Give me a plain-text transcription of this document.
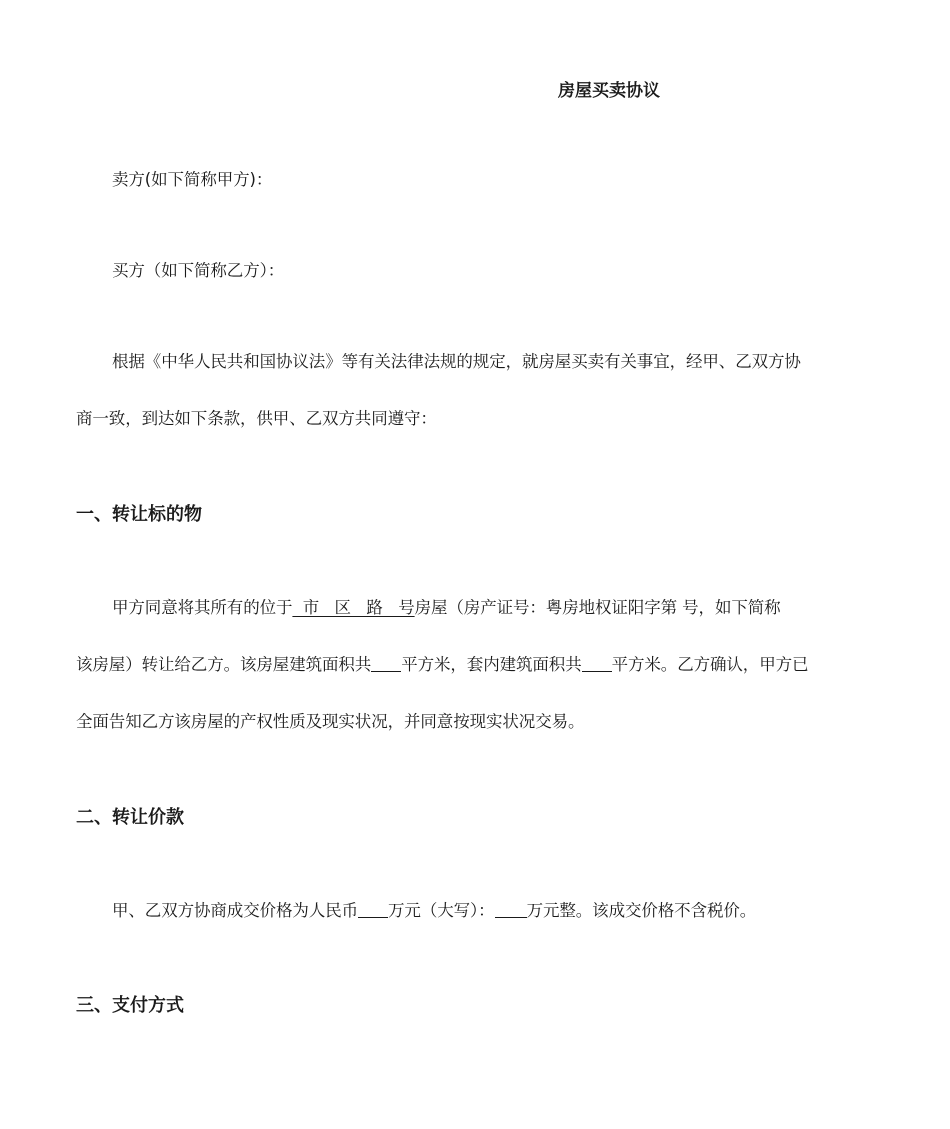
房屋买卖协议
卖方(如下简称甲方)：
买方（如下简称乙方）：
根据《中华人民共和国协议法》等有关法律法规的规定，就房屋买卖有关事宜，经甲、乙双方协
商一致，到达如下条款，供甲、乙双方共同遵守：
一、转让标的物
甲方同意将其所有的位于  市   区   路   号房屋（房产证号：粤房地权证阳字第 号，如下简称
该房屋）转让给乙方。该房屋建筑面积共 平方米，套内建筑面积共 平方米。乙方确认，甲方已
全面告知乙方该房屋的产权性质及现实状况，并同意按现实状况交易。
二、转让价款
甲、乙双方协商成交价格为人民币 万元（大写）： 万元整。该成交价格不含税价。
三、支付方式
